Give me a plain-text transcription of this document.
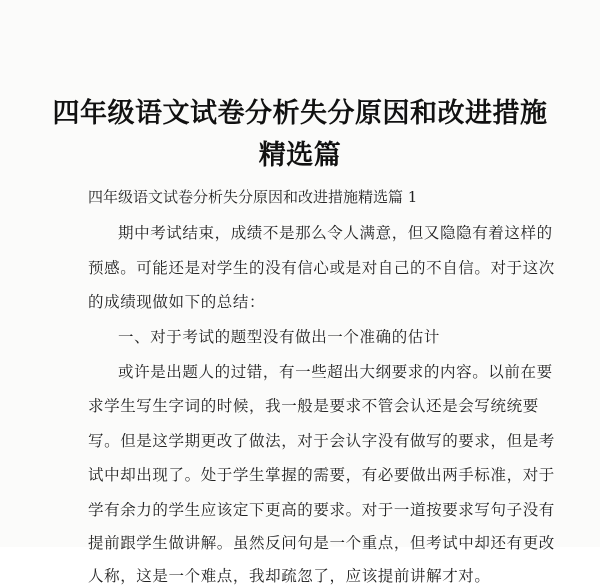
四年级语文试卷分析失分原因和改进措施
精选篇
四年级语文试卷分析失分原因和改进措施精选篇 1
期中考试结束，成绩不是那么令人满意，但又隐隐有着这样的
预感。可能还是对学生的没有信心或是对自己的不自信。对于这次
的成绩现做如下的总结：
一、对于考试的题型没有做出一个准确的估计
或许是出题人的过错，有一些超出大纲要求的内容。以前在要
求学生写生字词的时候，我一般是要求不管会认还是会写统统要
写。但是这学期更改了做法，对于会认字没有做写的要求，但是考
试中却出现了。处于学生掌握的需要，有必要做出两手标准，对于
学有余力的学生应该定下更高的要求。对于一道按要求写句子没有
提前跟学生做讲解。虽然反问句是一个重点，但考试中却还有更改
人称，这是一个难点，我却疏忽了，应该提前讲解才对。
